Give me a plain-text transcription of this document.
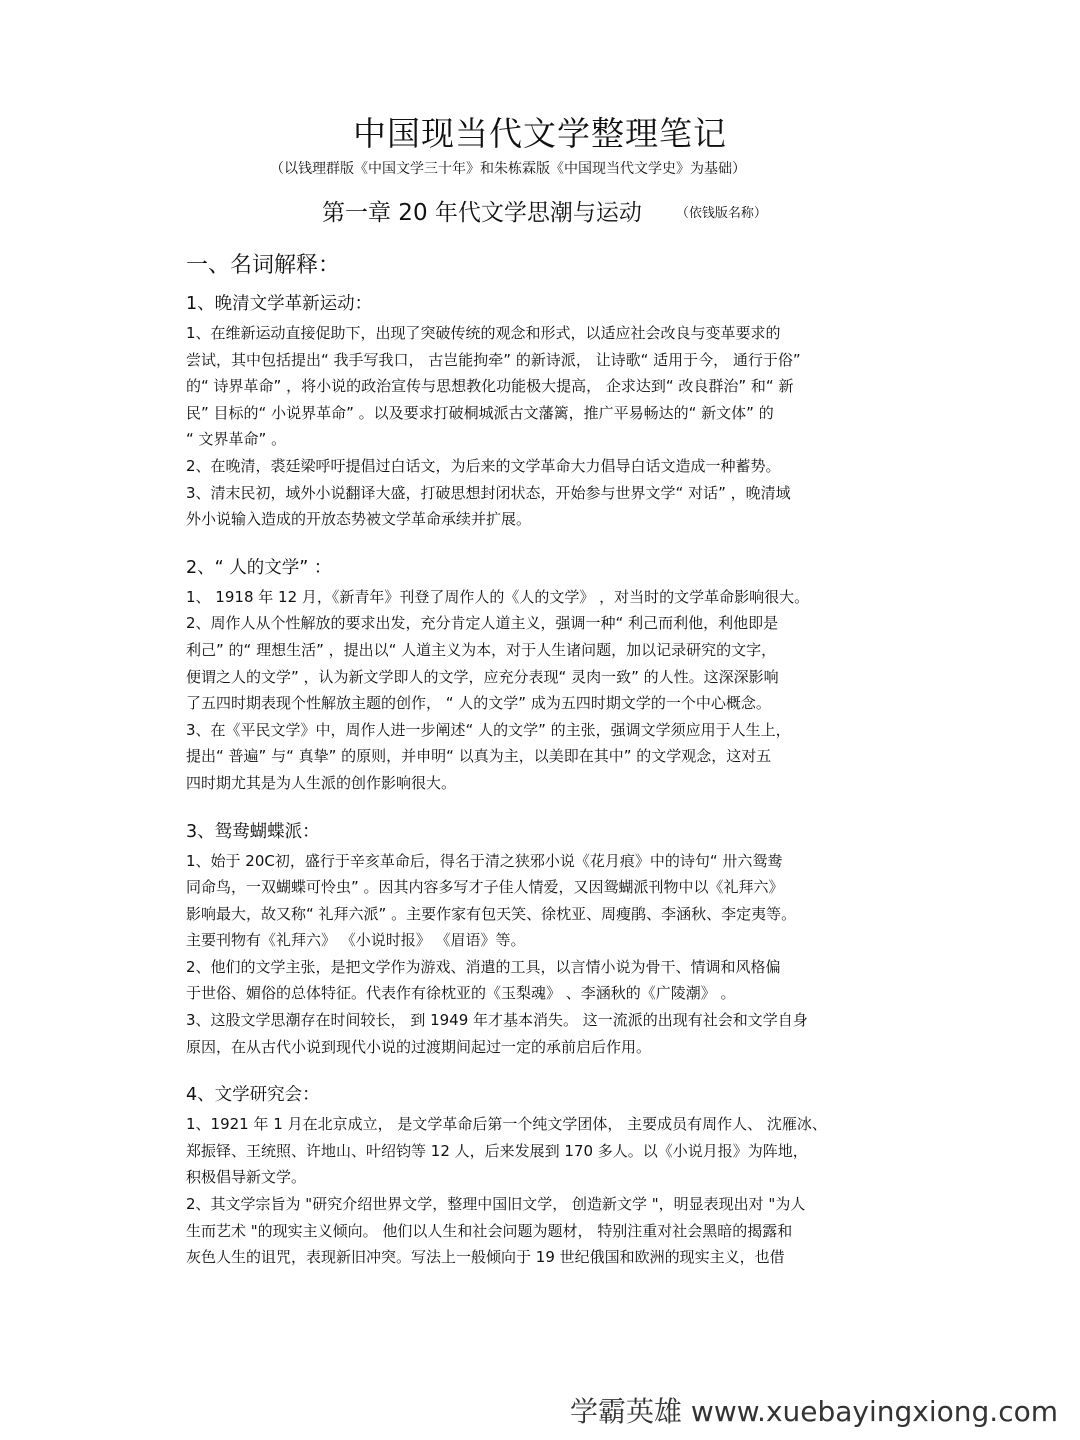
中国现当代文学整理笔记
（以钱理群版《中国文学三十年》和朱栋霖版《中国现当代文学史》为基础）
第一章 20 年代文学思潮与运动	（依钱版名称）
一、名词解释：
1、晚清文学革新运动：

1、在维新运动直接促助下，出现了突破传统的观念和形式，以适应社会改良与变革要求的

尝试，其中包括提出“ 我手写我口， 古岂能拘牵” 的新诗派， 让诗歌“ 适用于今， 通行于俗”

的“ 诗界革命” ，将小说的政治宣传与思想教化功能极大提高， 企求达到“ 改良群治” 和“ 新

民” 目标的“ 小说界革命” 。以及要求打破桐城派古文藩篱，推广平易畅达的“ 新文体” 的

“ 文界革命” 。

2、在晚清，裘廷梁呼吁提倡过白话文，为后来的文学革命大力倡导白话文造成一种蓄势。

3、清末民初，域外小说翻译大盛，打破思想封闭状态，开始参与世界文学“ 对话” ，晚清域

外小说输入造成的开放态势被文学革命承续并扩展。

2、“ 人的文学” ：

1、 1918 年 12 月，《新青年》刊登了周作人的《人的文学》 ，对当时的文学革命影响很大。

2、周作人从个性解放的要求出发，充分肯定人道主义，强调一种“ 利己而利他，利他即是

利己” 的“ 理想生活” ，提出以“ 人道主义为本，对于人生诸问题，加以记录研究的文字，

便谓之人的文学” ，认为新文学即人的文学，应充分表现“ 灵肉一致” 的人性。这深深影响

了五四时期表现个性解放主题的创作， “ 人的文学” 成为五四时期文学的一个中心概念。

3、在《平民文学》中，周作人进一步阐述“ 人的文学” 的主张，强调文学须应用于人生上，

提出“ 普遍” 与“ 真挚” 的原则，并申明“ 以真为主，以美即在其中” 的文学观念，这对五

四时期尤其是为人生派的创作影响很大。

3、鸳鸯蝴蝶派：

1、始于 20C初，盛行于辛亥革命后，得名于清之狭邪小说《花月痕》中的诗句“ 卅六鸳鸯

同命鸟，一双蝴蝶可怜虫” 。因其内容多写才子佳人情爱，又因鸳蝴派刊物中以《礼拜六》

影响最大，故又称“ 礼拜六派” 。主要作家有包天笑、徐枕亚、周瘦鹃、李涵秋、李定夷等。

主要刊物有《礼拜六》 《小说时报》 《眉语》等。

2、他们的文学主张，是把文学作为游戏、消遣的工具，以言情小说为骨干、情调和风格偏

于世俗、媚俗的总体特征。代表作有徐枕亚的《玉梨魂》 、李涵秋的《广陵潮》 。

3、这股文学思潮存在时间较长， 到 1949 年才基本消失。 这一流派的出现有社会和文学自身

原因，在从古代小说到现代小说的过渡期间起过一定的承前启后作用。

4、文学研究会：

1、1921 年 1 月在北京成立， 是文学革命后第一个纯文学团体， 主要成员有周作人、 沈雁冰、

郑振铎、王统照、许地山、叶绍钧等 12 人，后来发展到 170 多人。以《小说月报》为阵地，

积极倡导新文学。

2、其文学宗旨为 "研究介绍世界文学，整理中国旧文学， 创造新文学 "，明显表现出对 "为人

生而艺术 "的现实主义倾向。 他们以人生和社会问题为题材， 特别注重对社会黑暗的揭露和

灰色人生的诅咒，表现新旧冲突。写法上一般倾向于 19 世纪俄国和欧洲的现实主义，也借

学霸英雄 www.xuebayingxiong.com
